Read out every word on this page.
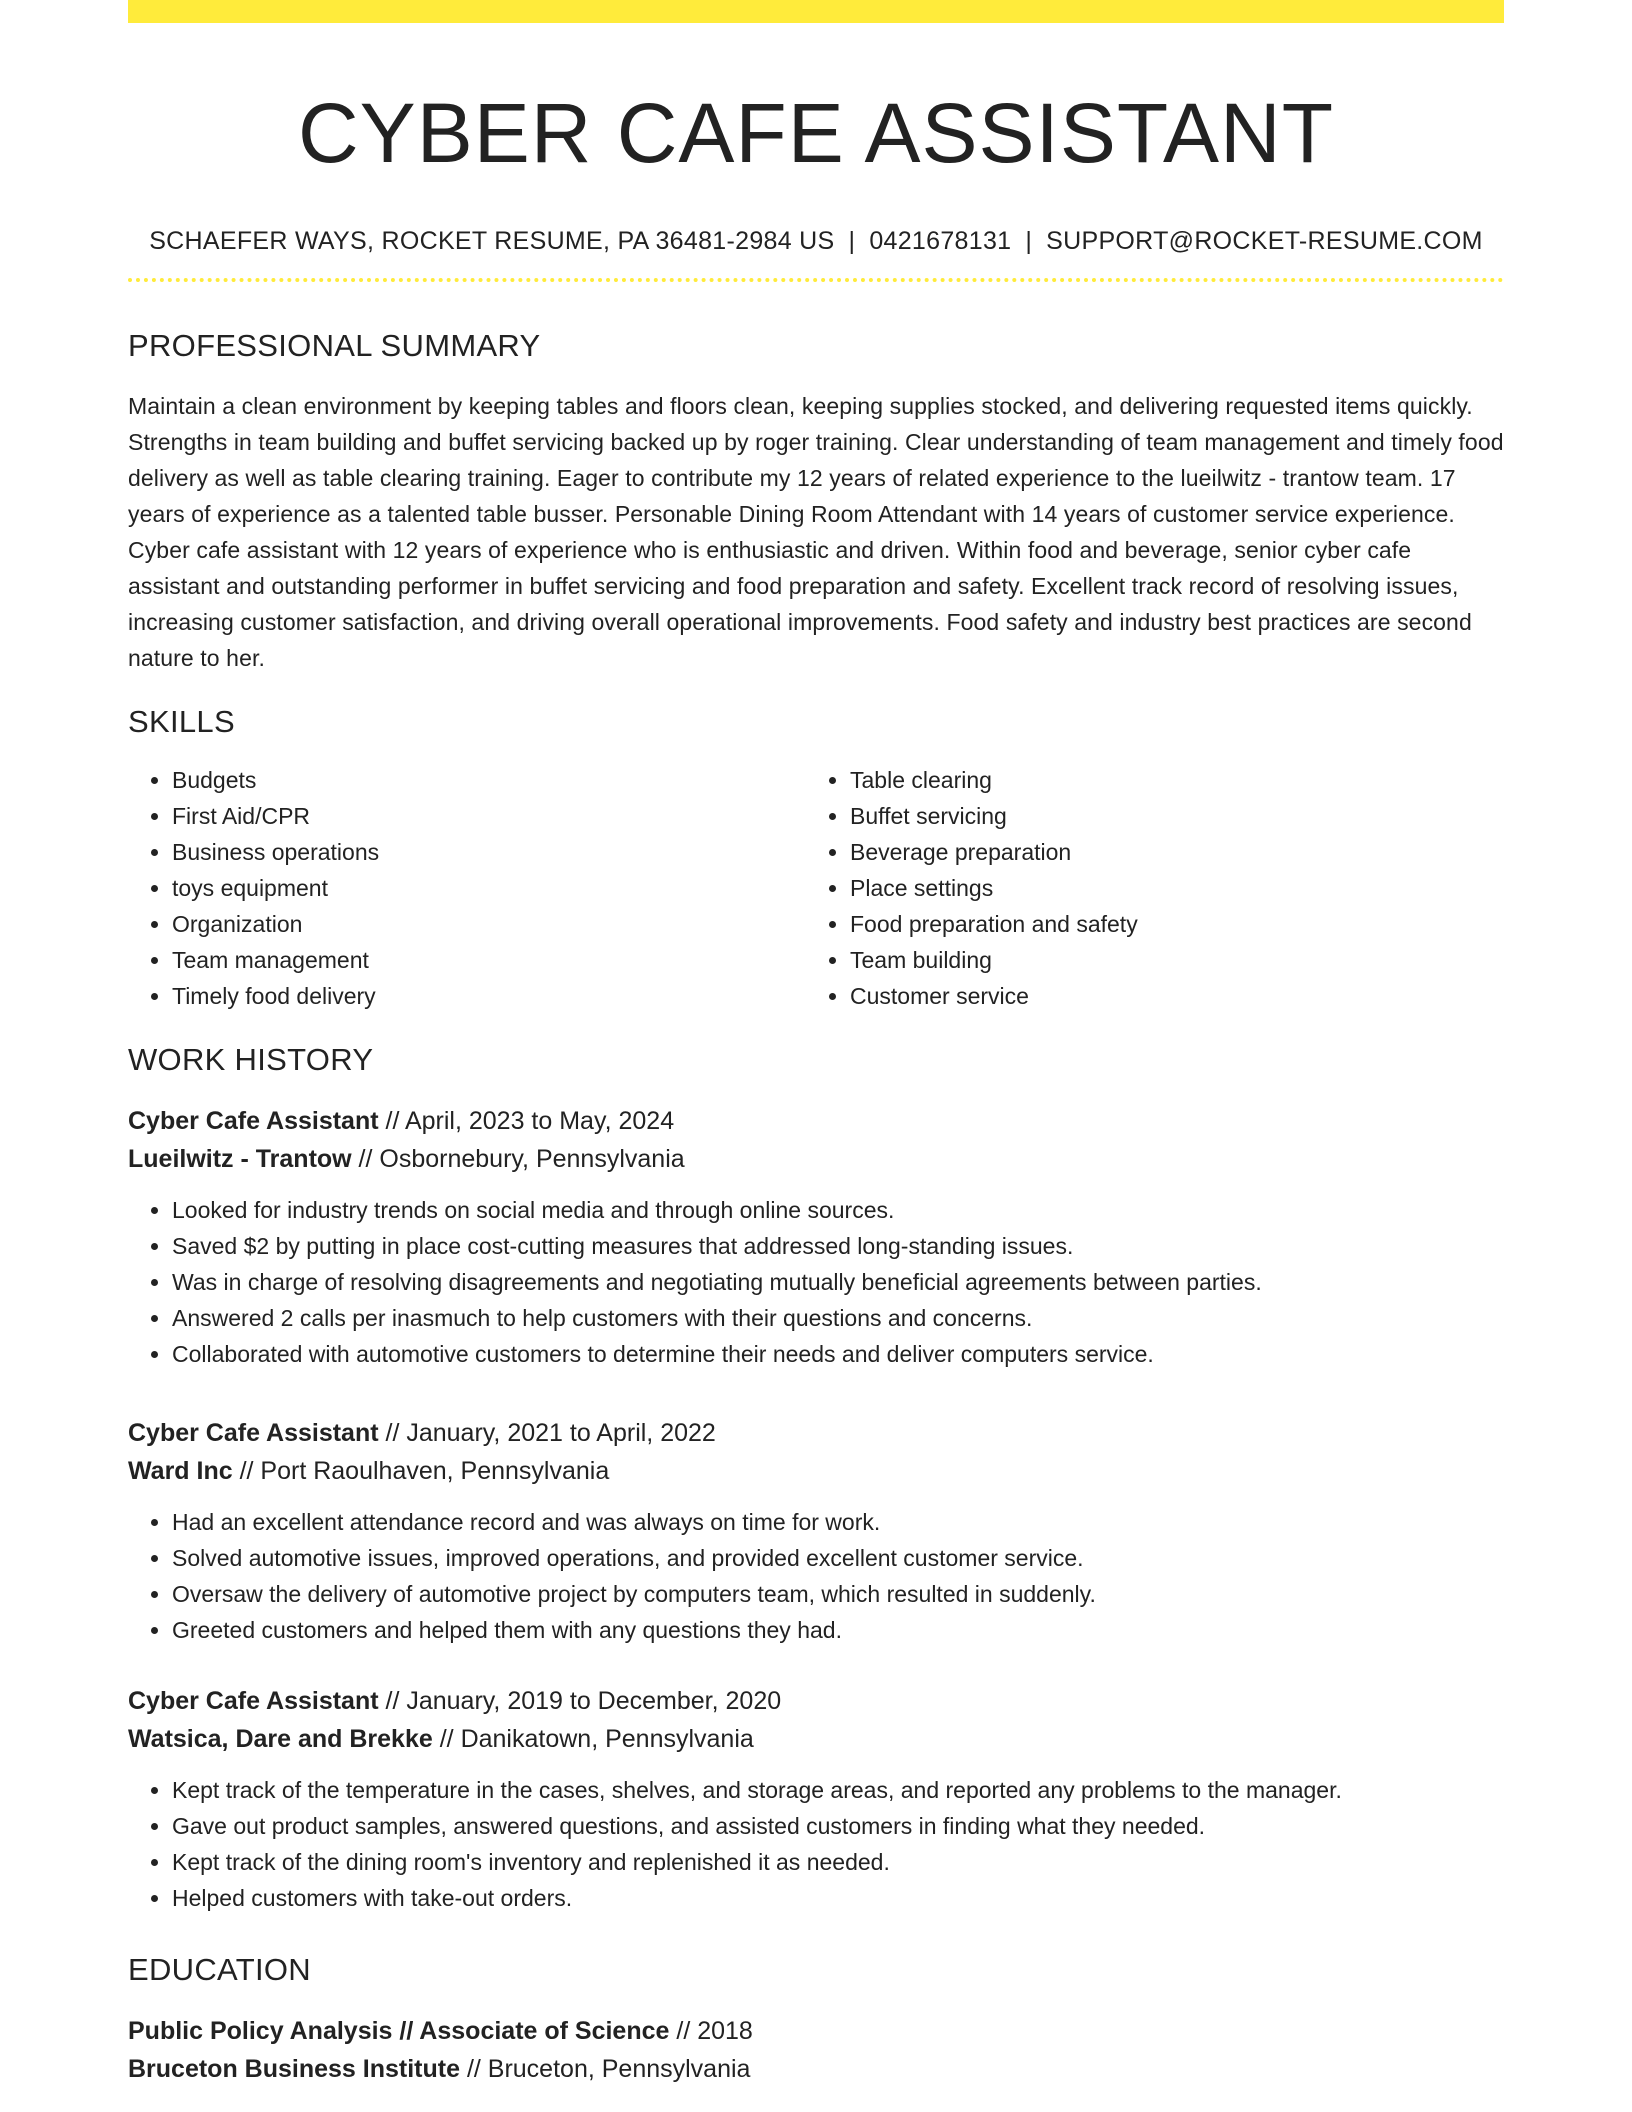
CYBER CAFE ASSISTANT
SCHAEFER WAYS, ROCKET RESUME, PA 36481-2984 US | 0421678131 | SUPPORT@ROCKET-RESUME.COM
PROFESSIONAL SUMMARY
Maintain a clean environment by keeping tables and floors clean, keeping supplies stocked, and delivering requested items quickly. Strengths in team building and buffet servicing backed up by roger training. Clear understanding of team management and timely food delivery as well as table clearing training. Eager to contribute my 12 years of related experience to the lueilwitz - trantow team. 17 years of experience as a talented table busser. Personable Dining Room Attendant with 14 years of customer service experience. Cyber cafe assistant with 12 years of experience who is enthusiastic and driven. Within food and beverage, senior cyber cafe assistant and outstanding performer in buffet servicing and food preparation and safety. Excellent track record of resolving issues, increasing customer satisfaction, and driving overall operational improvements. Food safety and industry best practices are second nature to her.
SKILLS
• Budgets
• First Aid/CPR
• Business operations
• toys equipment
• Organization
• Team management
• Timely food delivery
• Table clearing
• Buffet servicing
• Beverage preparation
• Place settings
• Food preparation and safety
• Team building
• Customer service
WORK HISTORY
Cyber Cafe Assistant // April, 2023 to May, 2024
Lueilwitz - Trantow // Osbornebury, Pennsylvania
• Looked for industry trends on social media and through online sources.
• Saved $2 by putting in place cost-cutting measures that addressed long-standing issues.
• Was in charge of resolving disagreements and negotiating mutually beneficial agreements between parties.
• Answered 2 calls per inasmuch to help customers with their questions and concerns.
• Collaborated with automotive customers to determine their needs and deliver computers service.
Cyber Cafe Assistant // January, 2021 to April, 2022
Ward Inc // Port Raoulhaven, Pennsylvania
• Had an excellent attendance record and was always on time for work.
• Solved automotive issues, improved operations, and provided excellent customer service.
• Oversaw the delivery of automotive project by computers team, which resulted in suddenly.
• Greeted customers and helped them with any questions they had.
Cyber Cafe Assistant // January, 2019 to December, 2020
Watsica, Dare and Brekke // Danikatown, Pennsylvania
• Kept track of the temperature in the cases, shelves, and storage areas, and reported any problems to the manager.
• Gave out product samples, answered questions, and assisted customers in finding what they needed.
• Kept track of the dining room's inventory and replenished it as needed.
• Helped customers with take-out orders.
EDUCATION
Public Policy Analysis // Associate of Science // 2018
Bruceton Business Institute // Bruceton, Pennsylvania
